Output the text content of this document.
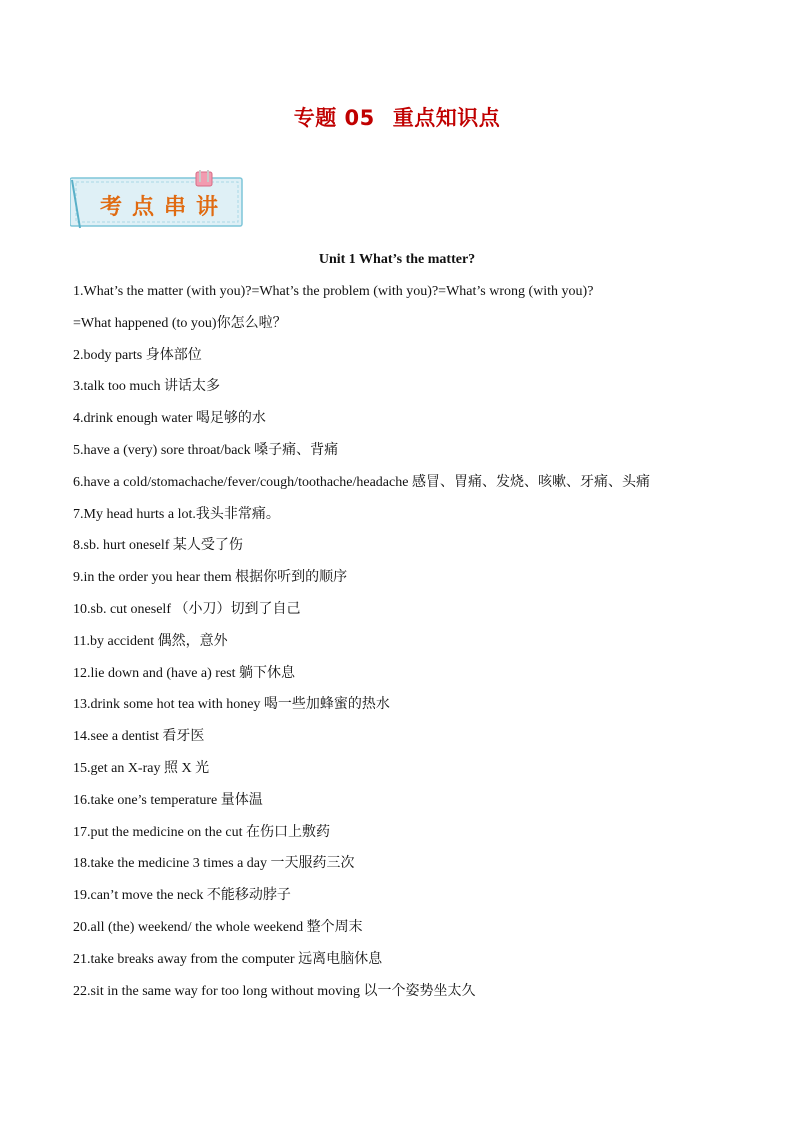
专题 05 重点知识点
考点串讲
Unit 1 What’s the matter?
1.What’s the matter (with you)?=What’s the problem (with you)?=What’s wrong (with you)?
=What happened (to you)你怎么啦？
2.body parts 身体部位
3.talk too much 讲话太多
4.drink enough water 喝足够的水
5.have a (very) sore throat/back 嗓子痛、背痛
6.have a cold/stomachache/fever/cough/toothache/headache 感冒、胃痛、发烧、咳嗽、牙痛、头痛
7.My head hurts a lot.我头非常痛。
8.sb. hurt oneself 某人受了伤
9.in the order you hear them 根据你听到的顺序
10.sb. cut oneself （小刀）切到了自己
11.by accident 偶然，意外
12.lie down and (have a) rest 躺下休息
13.drink some hot tea with honey 喝一些加蜂蜜的热水
14.see a dentist 看牙医
15.get an X-ray 照 X 光
16.take one’s temperature 量体温
17.put the medicine on the cut 在伤口上敷药
18.take the medicine 3 times a day 一天服药三次
19.can’t move the neck 不能移动脖子
20.all (the) weekend/ the whole weekend 整个周末
21.take breaks away from the computer 远离电脑休息
22.sit in the same way for too long without moving 以一个姿势坐太久
